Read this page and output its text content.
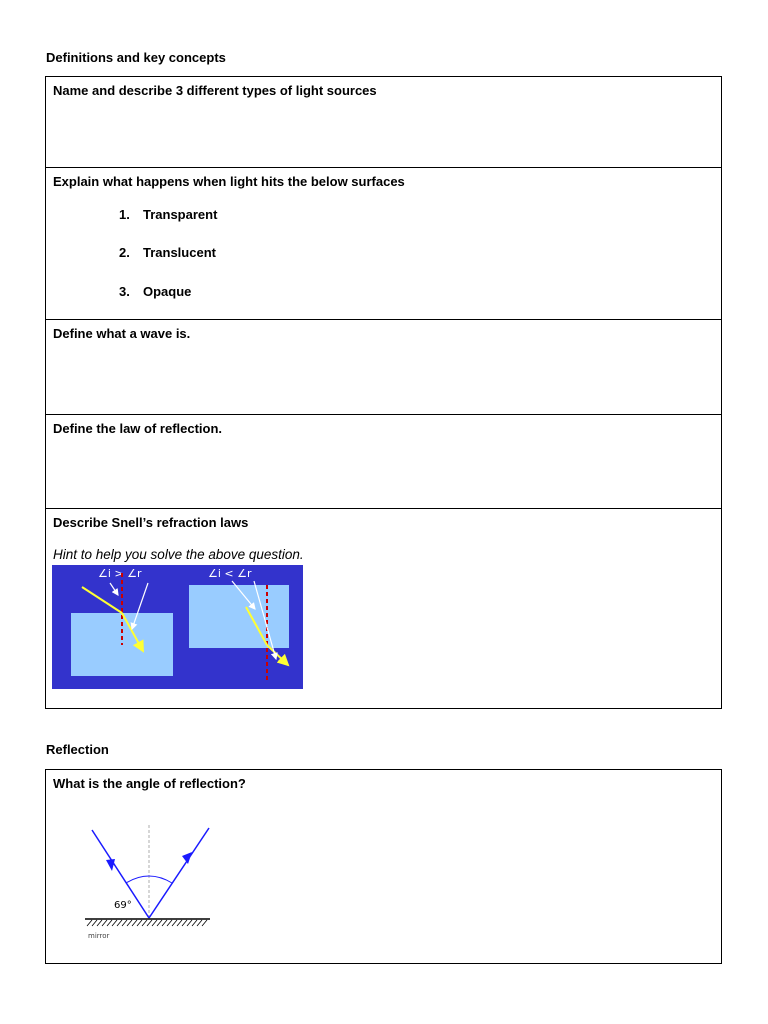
Definitions and key concepts

Name and describe 3 different types of light sources

Explain what happens when light hits the below surfaces

1. Transparent
2. Translucent
3. Opaque

Define what a wave is.

Define the law of reflection.

Describe Snell’s refraction laws

Hint to help you solve the above question.

∠i > ∠r	∠i < ∠r
Reflection

What is the angle of reflection?

69°
mirror
